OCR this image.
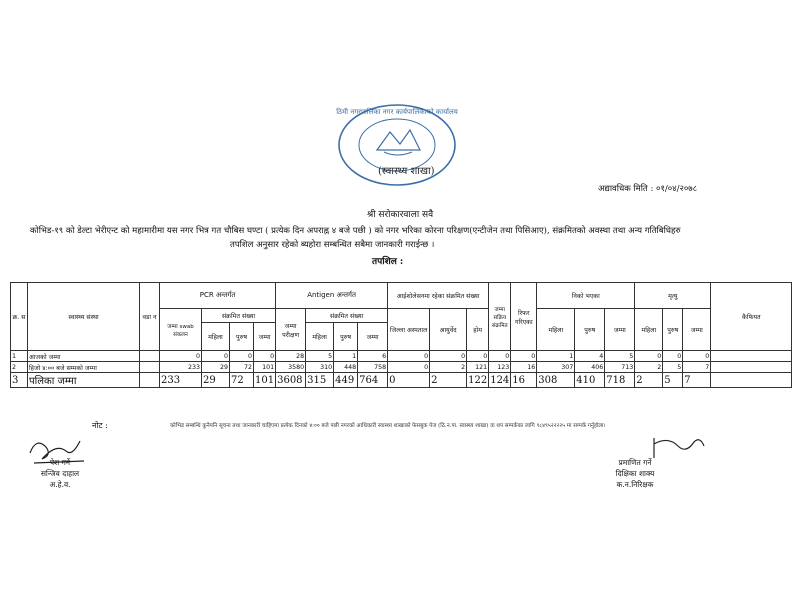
ठिमी नगरपालिका नगर कार्यपालिकाको कार्यालय
(स्वास्थ्य शाखा)
अद्यावधिक मिति : ०१/०४/२०७८
श्री सरोकारवाला सवै
कोभिड-१९ को डेल्टा भेरीएन्ट को महामारीमा यस नगर भित्र गत चौबिस घण्टा ( प्रत्येक दिन अपराह्न ४ बजे पछी ) को नगर भरिका कोरना परिक्षण(एन्टीजेन तथा पिसिआए), संक्रमितको अवस्था तथा अन्य गतिबिधिहरु
तपशिल अनुसार रहेको ब्यहोरा सम्बन्धित सबैमा जानकारी गराईन्छ ।
तपशिल :
क्र. स	स्वास्थ्य संस्था	वडा न	PCR अन्तर्गत				Antigen अन्तर्गत				आईशोलेसनमा रहेका संक्रमित संख्या			जम्मा सक्रिय संक्रमित	रिफर गरिएका	निको भएका			मृत्यु			कैफियत
			जम्मा swab संकलन	संक्रमित संख्या			जम्मा परीक्षण	संक्रमित संख्या			जिल्ला अस्पताल	आयुर्वेद	होम			महिला	पुरुष	जम्मा	महिला	पुरुष	जम्मा	
				महिला	पुरुष	जम्मा		महिला	पुरुष	जम्मा												
1	आजको जम्मा		0	0	0	0	28	5	1	6	0	0	0	0	0	1	4	5	0	0	0	
2	हिजो ४:०० बजे सम्मको जम्मा		233	29	72	101	3580	310	448	758	0	2	121	123	16	307	406	713	2	5	7	
3	पलिका जम्मा		233	29	72	101	3608	315	449	764	0	2	122	124	16	308	410	718	2	5	7	
नोट :	कोभिड सम्बन्धि कुनैपनि सूचना तथा जानकारी चाहिएमा प्रत्येक दिनको ४:०० बजे पछी नगरको आधिकारी स्वास्थ्य शाखाको फेसबुक पेज (ठि.न.पा. स्वास्थ्य शाखा) वा थप सम्पर्कका लागि ९८४९५२२२२५ मा सम्पर्क गर्नुहोला।
पेश गर्ने
सन्जिव दाहाल
अ.हे.व.
प्रमाणित गर्ने
दिक्षिका शाक्य
क.न.निरिक्षक
